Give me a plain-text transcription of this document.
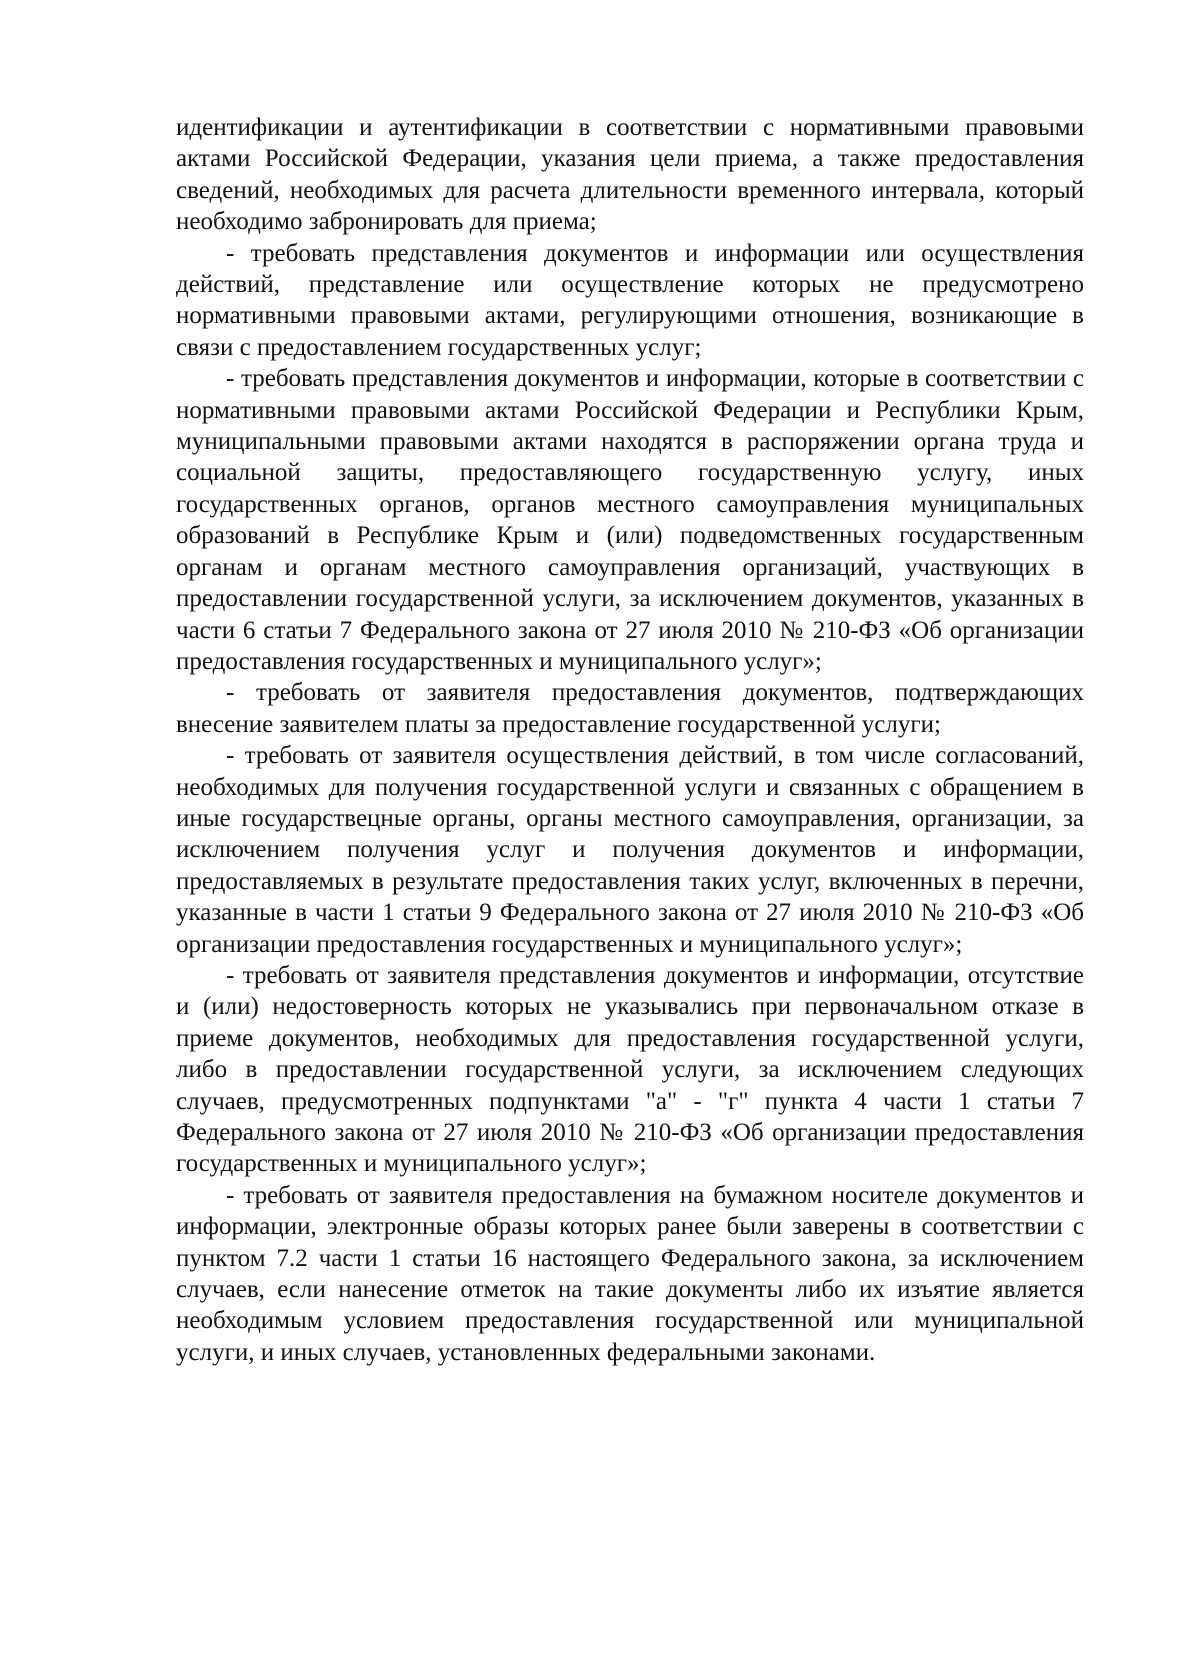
идентификации и аутентификации в соответствии с нормативными правовыми актами Российской Федерации, указания цели приема, а также предоставления сведений, необходимых для расчета длительности временного интервала, который необходимо забронировать для приема;

- требовать представления документов и информации или осуществления действий, представление или осуществление которых не предусмотрено нормативными правовыми актами, регулирующими отношения, возникающие в связи с предоставлением государственных услуг;

- требовать представления документов и информации, которые в соответствии с нормативными правовыми актами Российской Федерации и Республики Крым, муниципальными правовыми актами находятся в распоряжении органа труда и социальной защиты, предоставляющего государственную услугу, иных государственных органов, органов местного самоуправления муниципальных образований в Республике Крым и (или) подведомственных государственным органам и органам местного самоуправления организаций, участвующих в предоставлении государственной услуги, за исключением документов, указанных в части 6 статьи 7 Федерального закона от 27 июля 2010 № 210-ФЗ «Об организации предоставления государственных и муниципального услуг»;

- требовать от заявителя предоставления документов, подтверждающих внесение заявителем платы за предоставление государственной услуги;

- требовать от заявителя осуществления действий, в том числе согласований, необходимых для получения государственной услуги и связанных с обращением в иные государствецные органы, органы местного самоуправления, организации, за исключением получения услуг и получения документов и информации, предоставляемых в результате предоставления таких услуг, включенных в перечни, указанные в части 1 статьи 9 Федерального закона от 27 июля 2010 № 210-ФЗ «Об организации предоставления государственных и муниципального услуг»;

- требовать от заявителя представления документов и информации, отсутствие и (или) недостоверность которых не указывались при первоначальном отказе в приеме документов, необходимых для предоставления государственной услуги, либо в предоставлении государственной услуги, за исключением следующих случаев, предусмотренных подпунктами "а" - "г" пункта 4 части 1 статьи 7 Федерального закона от 27 июля 2010 № 210-ФЗ «Об организации предоставления государственных и муниципального услуг»;

- требовать от заявителя предоставления на бумажном носителе документов и информации, электронные образы которых ранее были заверены в соответствии с пунктом 7.2 части 1 статьи 16 настоящего Федерального закона, за исключением случаев, если нанесение отметок на такие документы либо их изъятие является необходимым условием предоставления государственной или муниципальной услуги, и иных случаев, установленных федеральными законами.
